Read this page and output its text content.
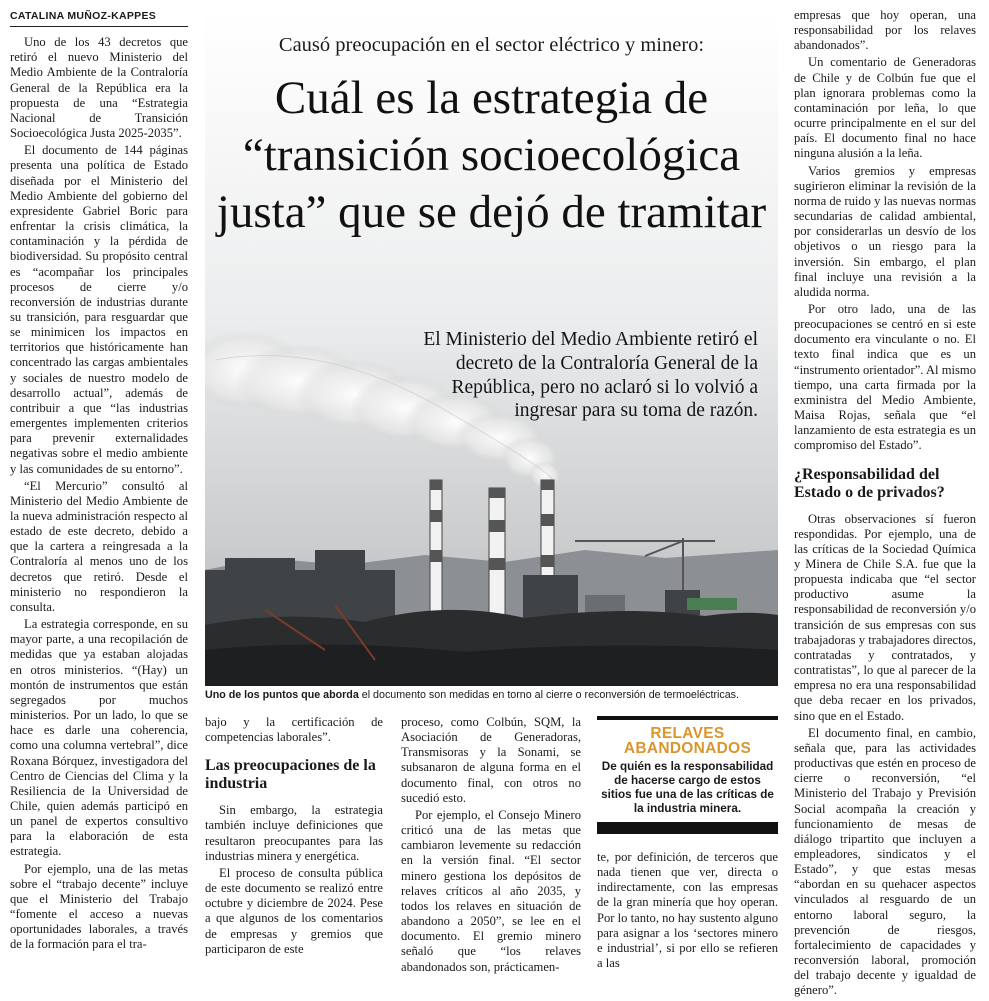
CATALINA MUÑOZ-KAPPES

Uno de los 43 decretos que retiró el nuevo Ministerio del Medio Ambiente de la Contraloría General de la República era la propuesta de una “Estrategia Nacional de Transición Socioecológica Justa 2025-2035”.

El documento de 144 páginas presenta una política de Estado diseñada por el Ministerio del Medio Ambiente del gobierno del expresidente Gabriel Boric para enfrentar la crisis climática, la contaminación y la pérdida de biodiversidad. Su propósito central es “acompañar los principales procesos de cierre y/o reconversión de industrias durante su transición, para resguardar que se minimicen los impactos en territorios que históricamente han concentrado las cargas ambientales y sociales de nuestro modelo de desarrollo actual”, además de contribuir a que “las industrias emergentes implementen criterios para prevenir externalidades negativas sobre el medio ambiente y las comunidades de su entorno”.

“El Mercurio” consultó al Ministerio del Medio Ambiente de la nueva administración respecto al estado de este decreto, debido a que la cartera a reingresada a la Contraloría al menos uno de los decretos que retiró. Desde el ministerio no respondieron la consulta.

La estrategia corresponde, en su mayor parte, a una recopilación de medidas que ya estaban alojadas en otros ministerios. “(Hay) un montón de instrumentos que están segregados por muchos ministerios. Por un lado, lo que se hace es darle una coherencia, como una columna vertebral”, dice Roxana Bórquez, investigadora del Centro de Ciencias del Clima y la Resiliencia de la Universidad de Chile, quien además participó en un panel de expertos consultivo para la elaboración de esta estrategia.

Por ejemplo, una de las metas sobre el “trabajo decente” incluye que el Ministerio del Trabajo “fomente el acceso a nuevas oportunidades laborales, a través de la formación para el tra-

Causó preocupación en el sector eléctrico y minero:
Cuál es la estrategia de “transición socioecológica justa” que se dejó de tramitar
El Ministerio del Medio Ambiente retiró el decreto de la Contraloría General de la República, pero no aclaró si lo volvió a ingresar para su toma de razón.
Uno de los puntos que aborda el documento son medidas en torno al cierre o reconversión de termoeléctricas.

bajo y la certificación de competencias laborales”.

Las preocupaciones de la industria

Sin embargo, la estrategia también incluye definiciones que resultaron preocupantes para las industrias minera y energética.

El proceso de consulta pública de este documento se realizó entre octubre y diciembre de 2024. Pese a que algunos de los comentarios de empresas y gremios que participaron de este

proceso, como Colbún, SQM, la Asociación de Generadoras, Transmisoras y la Sonami, se subsanaron de alguna forma en el documento final, con otros no sucedió esto.

Por ejemplo, el Consejo Minero criticó una de las metas que cambiaron levemente su redacción en la versión final. “El sector minero gestiona los depósitos de relaves críticos al año 2035, y todos los relaves en situación de abandono a 2050”, se lee en el documento. El gremio minero señaló que “los relaves abandonados son, prácticamen-

RELAVES
ABANDONADOS
De quién es la responsabilidad de hacerse cargo de estos sitios fue una de las críticas de la industria minera.

te, por definición, de terceros que nada tienen que ver, directa o indirectamente, con las empresas de la gran minería que hoy operan. Por lo tanto, no hay sustento alguno para asignar a los ‘sectores minero e industrial’, si por ello se refieren a las

empresas que hoy operan, una responsabilidad por los relaves abandonados”.

Un comentario de Generadoras de Chile y de Colbún fue que el plan ignorara problemas como la contaminación por leña, lo que ocurre principalmente en el sur del país. El documento final no hace ninguna alusión a la leña.

Varios gremios y empresas sugirieron eliminar la revisión de la norma de ruido y las nuevas normas secundarias de calidad ambiental, por considerarlas un desvío de los objetivos o un riesgo para la inversión. Sin embargo, el plan final incluye una revisión a la aludida norma.

Por otro lado, una de las preocupaciones se centró en si este documento era vinculante o no. El texto final indica que es un “instrumento orientador”. Al mismo tiempo, una carta firmada por la exministra del Medio Ambiente, Maisa Rojas, señala que “el lanzamiento de esta estrategia es un compromiso del Estado”.

¿Responsabilidad del Estado o de privados?

Otras observaciones sí fueron respondidas. Por ejemplo, una de las críticas de la Sociedad Química y Minera de Chile S.A. fue que la propuesta indicaba que “el sector productivo asume la responsabilidad de reconversión y/o transición de sus empresas con sus trabajadoras y trabajadores directos, contratadas y contratados, y contratistas”, lo que al parecer de la empresa no era una responsabilidad que deba recaer en los privados, sino que en el Estado.

El documento final, en cambio, señala que, para las actividades productivas que estén en proceso de cierre o reconversión, “el Ministerio del Trabajo y Previsión Social acompaña la creación y funcionamiento de mesas de diálogo tripartito que incluyen a empleadores, sindicatos y el Estado”, y que estas mesas “abordan en su quehacer aspectos vinculados al resguardo de un entorno laboral seguro, la prevención de riesgos, fortalecimiento de capacidades y reconversión laboral, promoción del trabajo decente y igualdad de género”.
